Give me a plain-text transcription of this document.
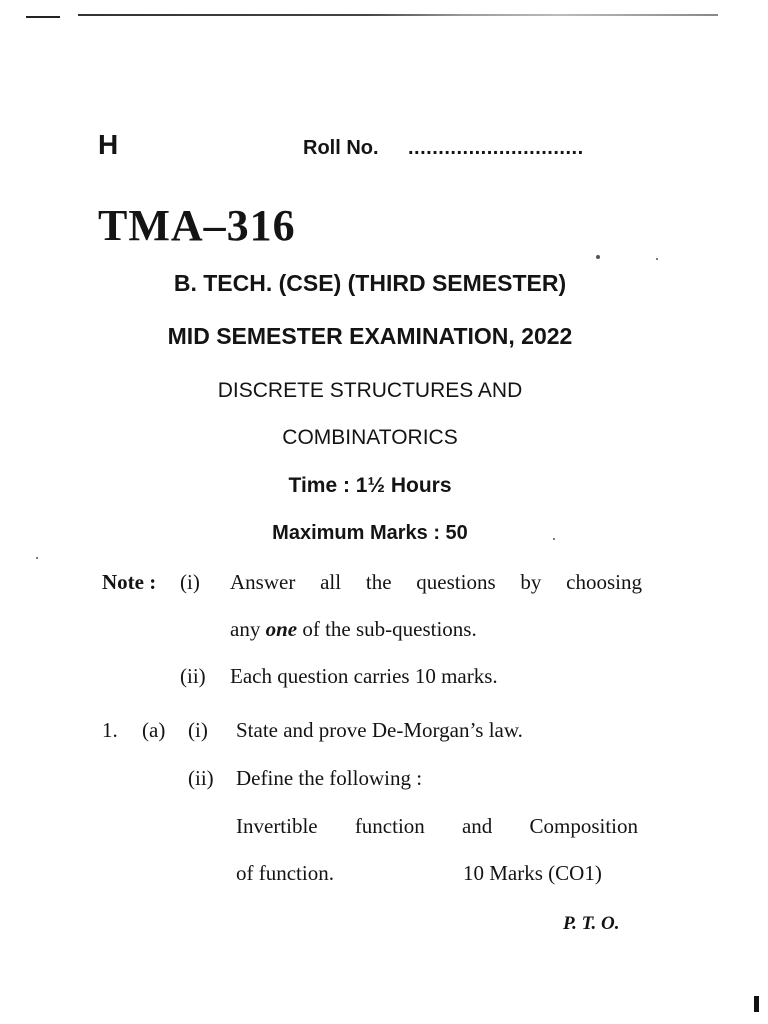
H	Roll No. .............................
TMA–316
B. TECH. (CSE) (THIRD SEMESTER)
MID SEMESTER EXAMINATION, 2022
DISCRETE STRUCTURES AND
COMBINATORICS
Time : 1½ Hours
Maximum Marks : 50
Note : (i) Answer all the questions by choosing
any one of the sub-questions.
(ii) Each question carries 10 marks.
1. (a) (i) State and prove De-Morgan’s law.
(ii) Define the following :
Invertible function and Composition
of function.	10 Marks (CO1)
P. T. O.
